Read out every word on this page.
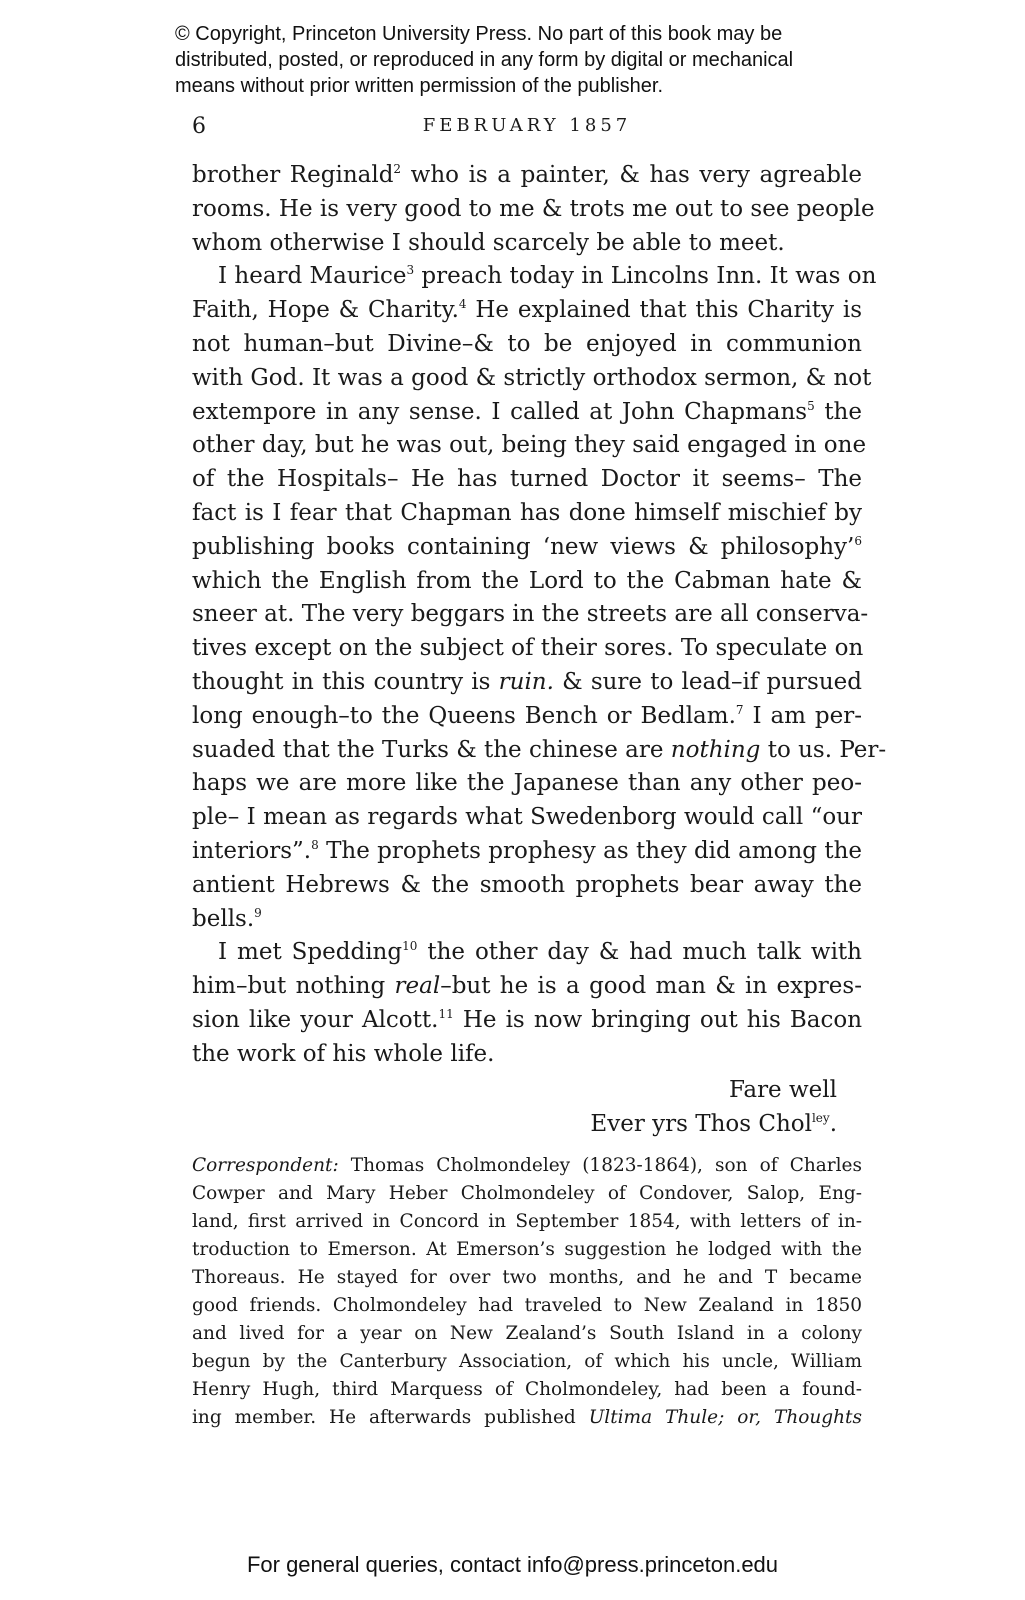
© Copyright, Princeton University Press. No part of this book may be
distributed, posted, or reproduced in any form by digital or mechanical
means without prior written permission of the publisher.
6	FEBRUARY 1857
brother Reginald$^2$ who is a painter, & has very agreable
rooms. He is very good to me & trots me out to see people
whom otherwise I should scarcely be able to meet.
I heard Maurice$^3$ preach today in Lincolns Inn. It was on
Faith, Hope & Charity.$^4$ He explained that this Charity is
not human–but Divine–& to be enjoyed in communion
with God. It was a good & strictly orthodox sermon, & not
extempore in any sense. I called at John Chapmans$^5$ the
other day, but he was out, being they said engaged in one
of the Hospitals– He has turned Doctor it seems– The
fact is I fear that Chapman has done himself mischief by
publishing books containing ‘new views & philosophy’$^6$
which the English from the Lord to the Cabman hate &
sneer at. The very beggars in the streets are all conserva-
tives except on the subject of their sores. To speculate on
thought in this country is ruin. & sure to lead–if pursued
long enough–to the Queens Bench or Bedlam.$^7$ I am per-
suaded that the Turks & the chinese are nothing to us. Per-
haps we are more like the Japanese than any other peo-
ple– I mean as regards what Swedenborg would call “our
interiors”.$^8$ The prophets prophesy as they did among the
antient Hebrews & the smooth prophets bear away the
bells.$^9$
I met Spedding$^{10}$ the other day & had much talk with
him–but nothing real–but he is a good man & in expres-
sion like your Alcott.$^{11}$ He is now bringing out his Bacon
the work of his whole life.
Fare well
Ever yrs Thos Chol$^{ley}$.
Correspondent: Thomas Cholmondeley (1823-1864), son of Charles
Cowper and Mary Heber Cholmondeley of Condover, Salop, Eng-
land, first arrived in Concord in September 1854, with letters of in-
troduction to Emerson. At Emerson’s suggestion he lodged with the
Thoreaus. He stayed for over two months, and he and T became
good friends. Cholmondeley had traveled to New Zealand in 1850
and lived for a year on New Zealand’s South Island in a colony
begun by the Canterbury Association, of which his uncle, William
Henry Hugh, third Marquess of Cholmondeley, had been a found-
ing member. He afterwards published Ultima Thule; or, Thoughts
For general queries, contact info@press.princeton.edu
